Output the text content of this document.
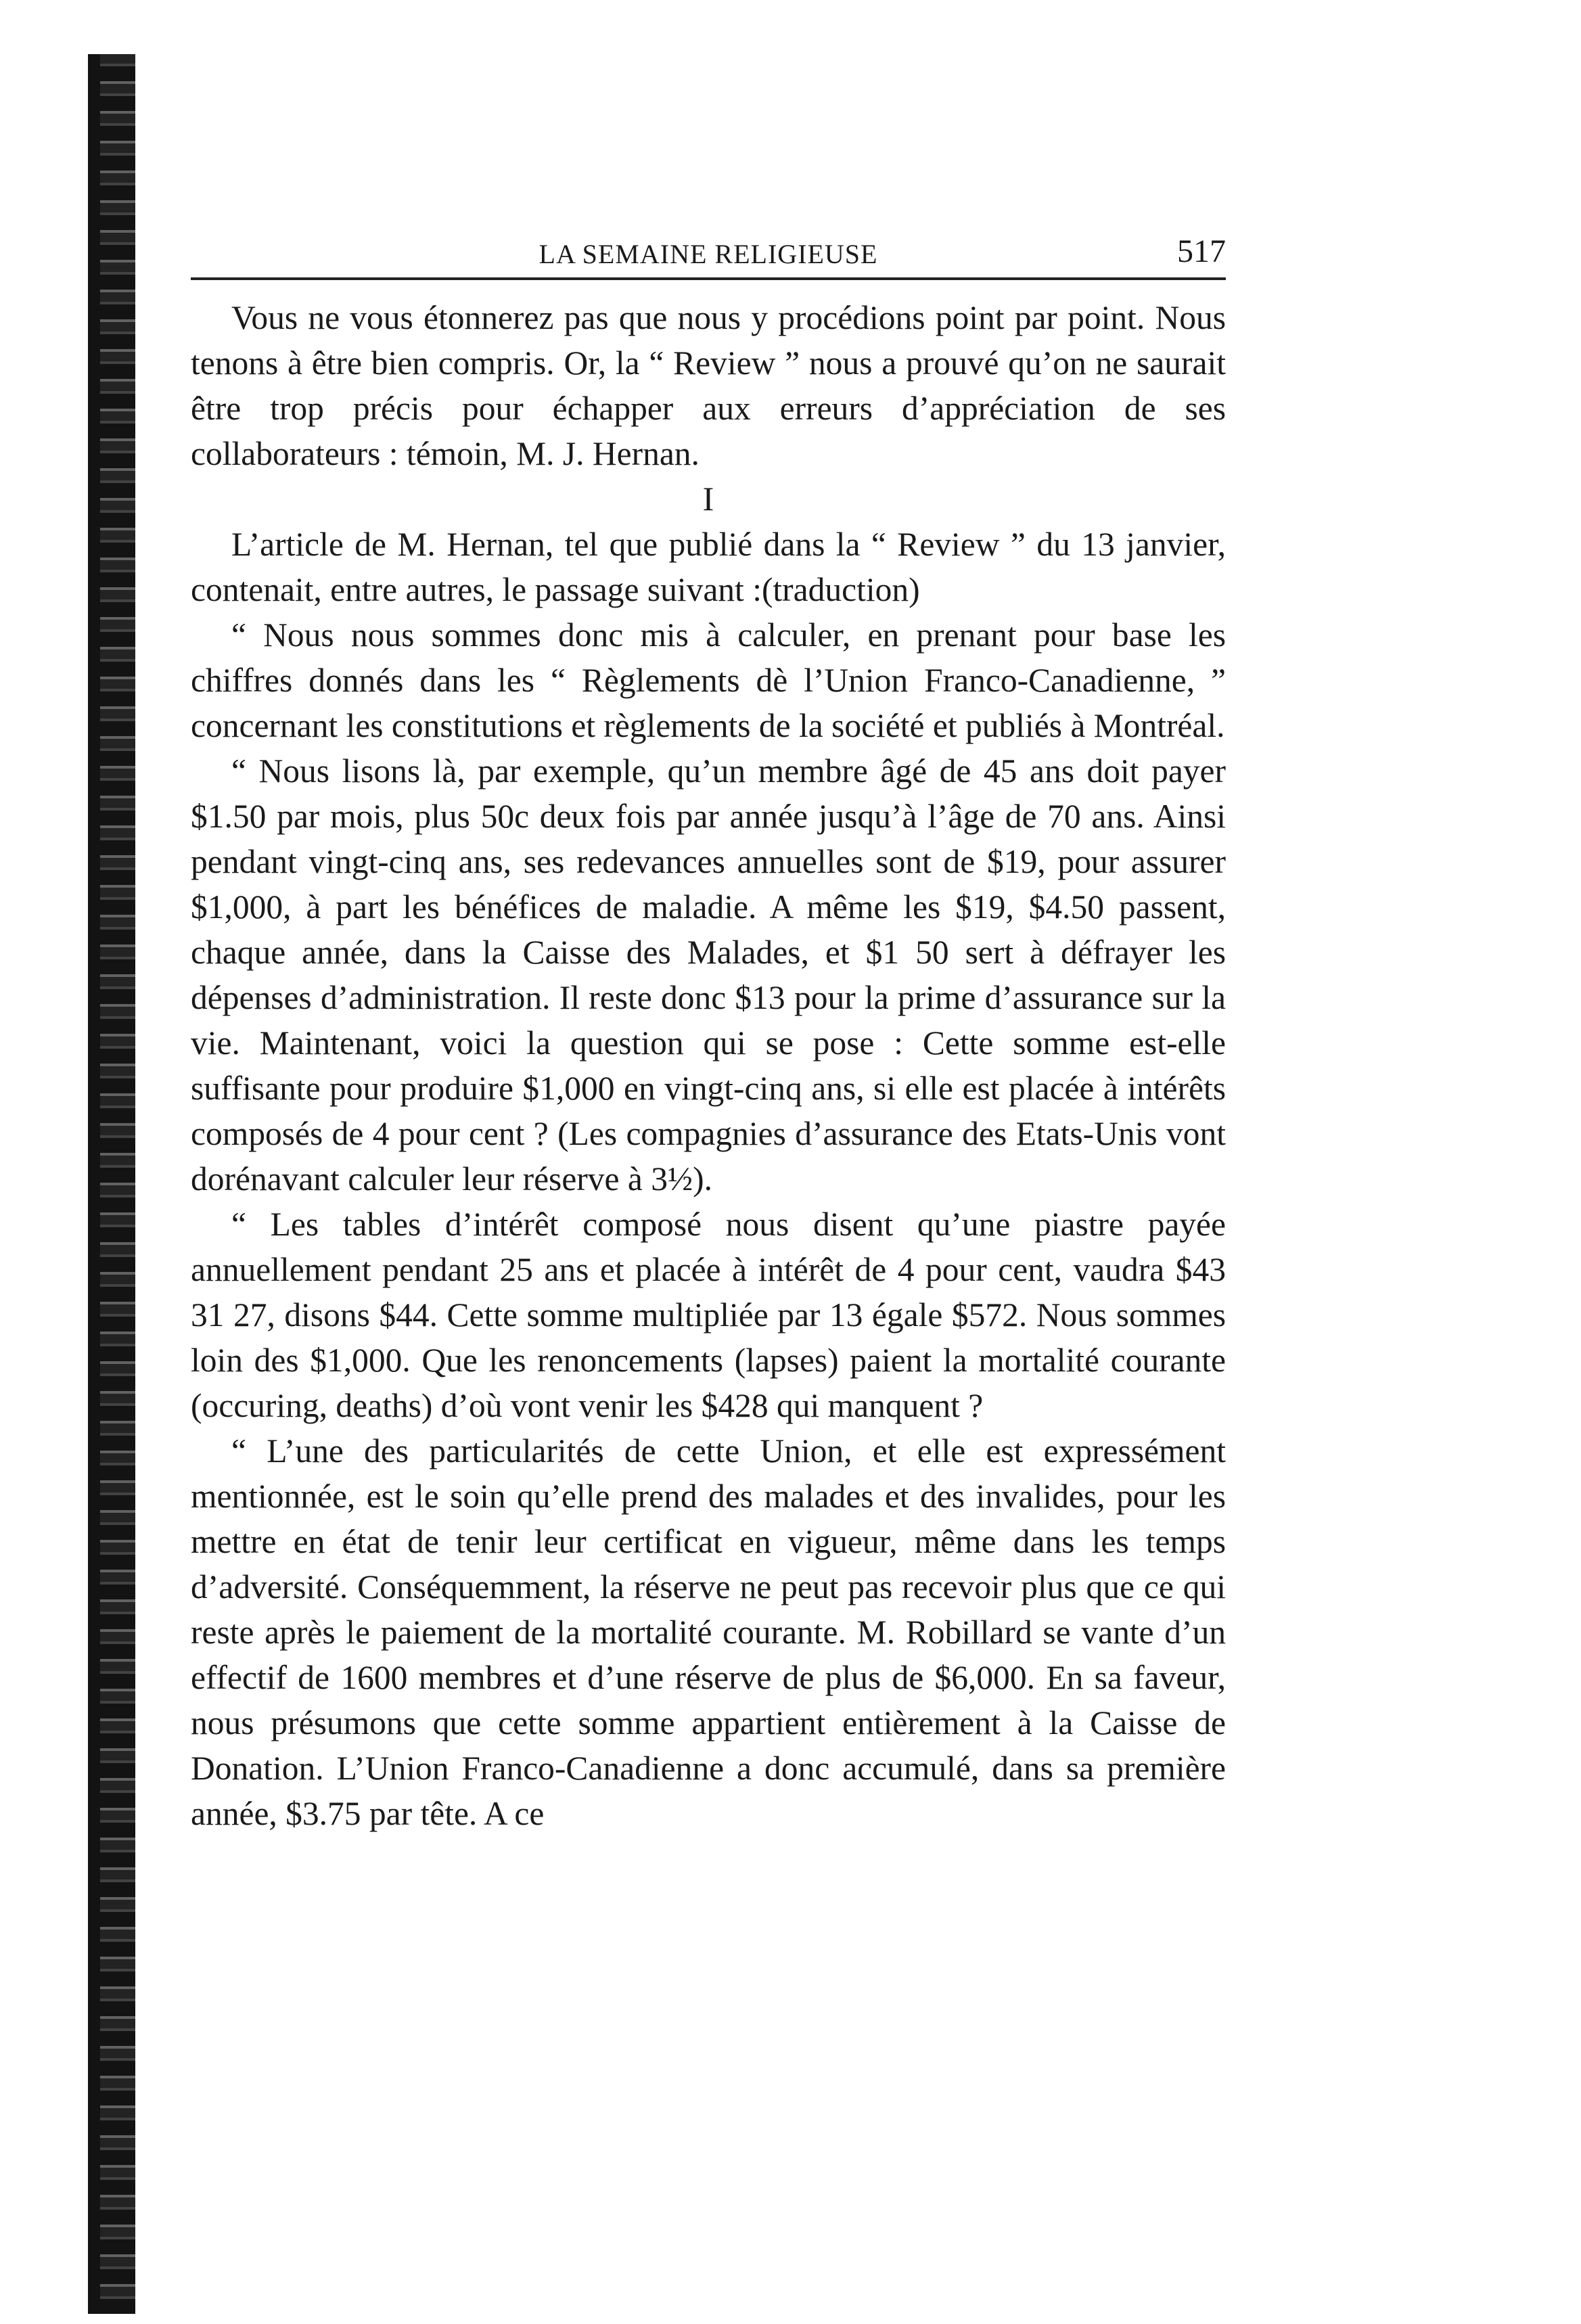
LA SEMAINE RELIGIEUSE	517

Vous ne vous étonnerez pas que nous y procédions point par point. Nous tenons à être bien compris. Or, la “ Review ” nous a prouvé qu’on ne saurait être trop précis pour échapper aux erreurs d’appréciation de ses collaborateurs : témoin, M. J. Hernan.

I

L’article de M. Hernan, tel que publié dans la “ Review ” du 13 janvier, contenait, entre autres, le passage suivant :(traduction)

“ Nous nous sommes donc mis à calculer, en prenant pour base les chiffres donnés dans les “ Règlements dè l’Union Franco-Canadienne, ” concernant les constitutions et règlements de la société et publiés à Montréal.

“ Nous lisons là, par exemple, qu’un membre âgé de 45 ans doit payer $1.50 par mois, plus 50c deux fois par année jusqu’à l’âge de 70 ans. Ainsi pendant vingt-cinq ans, ses redevances annuelles sont de $19, pour assurer $1,000, à part les bénéfices de maladie. A même les $19, $4.50 passent, chaque année, dans la Caisse des Malades, et $1 50 sert à défrayer les dépenses d’administration. Il reste donc $13 pour la prime d’assurance sur la vie. Maintenant, voici la question qui se pose : Cette somme est-elle suffisante pour produire $1,000 en vingt-cinq ans, si elle est placée à intérêts composés de 4 pour cent ? (Les compagnies d’assurance des Etats-Unis vont dorénavant calculer leur réserve à 3½).

“ Les tables d’intérêt composé nous disent qu’une piastre payée annuellement pendant 25 ans et placée à intérêt de 4 pour cent, vaudra $43 31 27, disons $44. Cette somme multipliée par 13 égale $572. Nous sommes loin des $1,000. Que les renoncements (lapses) paient la mortalité courante (occuring, deaths) d’où vont venir les $428 qui manquent ?

“ L’une des particularités de cette Union, et elle est expressément mentionnée, est le soin qu’elle prend des malades et des invalides, pour les mettre en état de tenir leur certificat en vigueur, même dans les temps d’adversité. Conséquemment, la réserve ne peut pas recevoir plus que ce qui reste après le paiement de la mortalité courante. M. Robillard se vante d’un effectif de 1600 membres et d’une réserve de plus de $6,000. En sa faveur, nous présumons que cette somme appartient entièrement à la Caisse de Donation. L’Union Franco-Canadienne a donc accumulé, dans sa première année, $3.75 par tête. A ce
